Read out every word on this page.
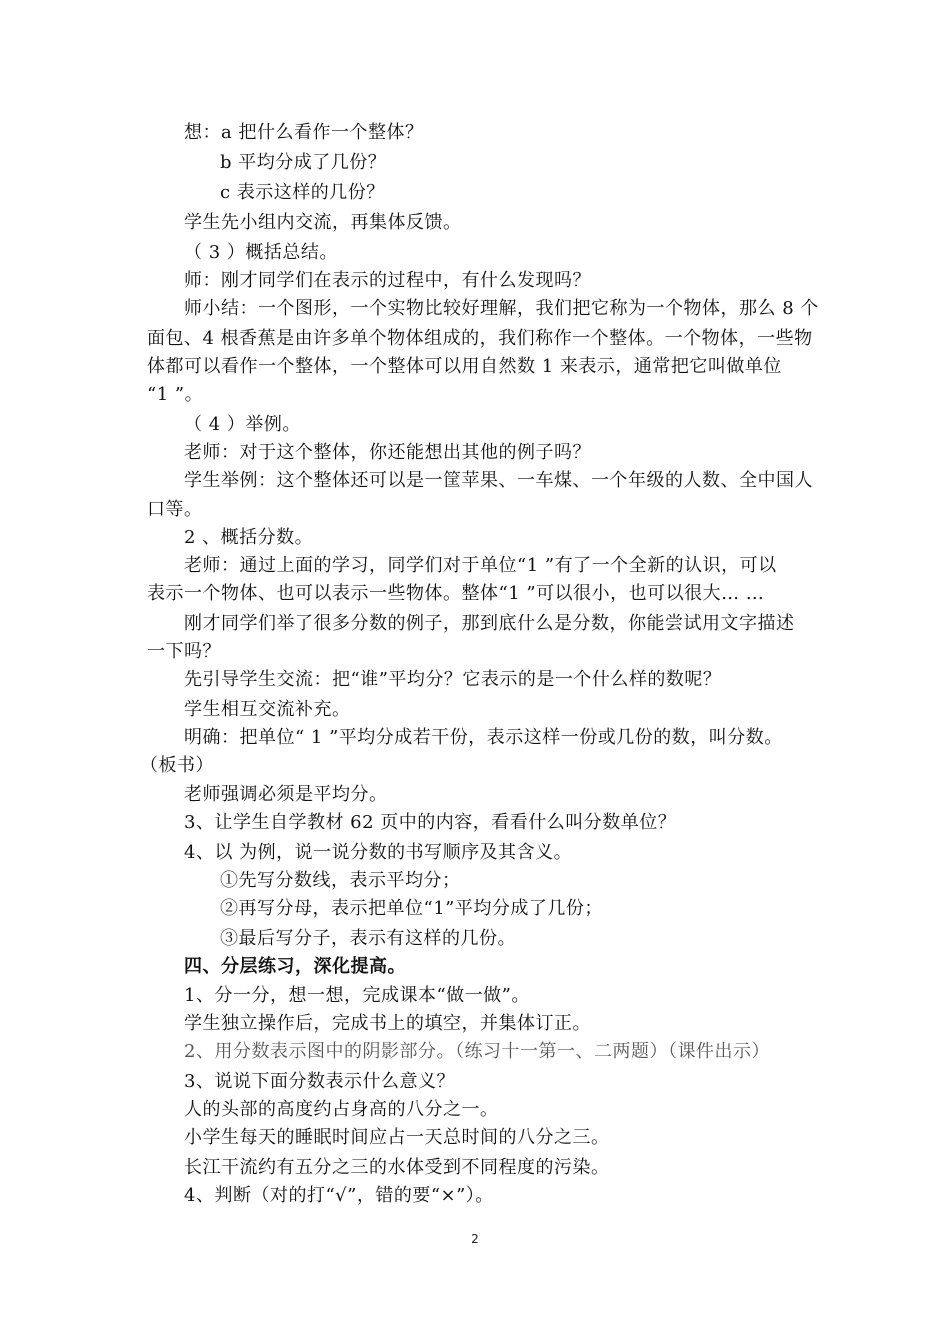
想：a 把什么看作一个整体？
b 平均分成了几份？
c 表示这样的几份？
学生先小组内交流，再集体反馈。
（ 3 ）概括总结。
师：刚才同学们在表示的过程中，有什么发现吗？
师小结：一个图形，一个实物比较好理解，我们把它称为一个物体，那么 8 个
面包、4 根香蕉是由许多单个物体组成的，我们称作一个整体。一个物体，一些物
体都可以看作一个整体，一个整体可以用自然数 1 来表示，通常把它叫做单位
“1 ”。
（ 4 ）举例。
老师：对于这个整体，你还能想出其他的例子吗？
学生举例：这个整体还可以是一筐苹果、一车煤、一个年级的人数、全中国人
口等。
2 、概括分数。
老师：通过上面的学习，同学们对于单位“1 ”有了一个全新的认识，可以
表示一个物体、也可以表示一些物体。整体“1 ”可以很小，也可以很大… …
刚才同学们举了很多分数的例子，那到底什么是分数，你能尝试用文字描述
一下吗？
先引导学生交流：把“谁”平均分？它表示的是一个什么样的数呢？
学生相互交流补充。
明确：把单位“ 1 ”平均分成若干份，表示这样一份或几份的数，叫分数。
（板书）
老师强调必须是平均分。
3、让学生自学教材 62 页中的内容，看看什么叫分数单位？
4、以 为例，说一说分数的书写顺序及其含义。
①先写分数线，表示平均分；
②再写分母，表示把单位“1”平均分成了几份；
③最后写分子，表示有这样的几份。
四、分层练习，深化提高。
1、分一分，想一想，完成课本“做一做”。
学生独立操作后，完成书上的填空，并集体订正。
2、用分数表示图中的阴影部分。（练习十一第一、二两题）（课件出示）
3、说说下面分数表示什么意义？
人的头部的高度约占身高的八分之一。
小学生每天的睡眠时间应占一天总时间的八分之三。
长江干流约有五分之三的水体受到不同程度的污染。
4、判断（对的打“√”，错的要“×”）。
2
